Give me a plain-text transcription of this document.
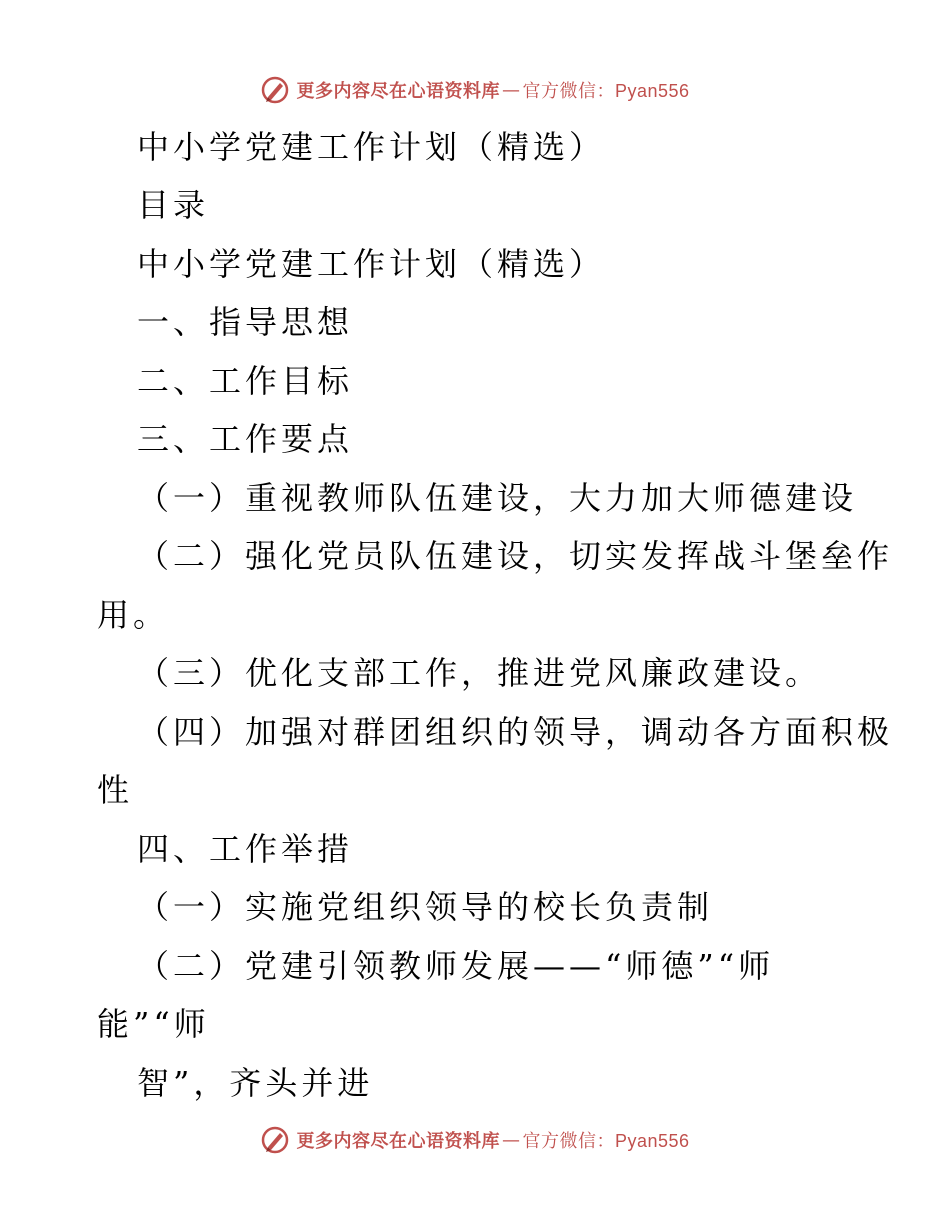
更多内容尽在心语资料库 — 官方微信：Pyan556
中小学党建工作计划（精选）
目录
中小学党建工作计划（精选）
一、指导思想
二、工作目标
三、工作要点
（一）重视教师队伍建设，大力加大师德建设
（二）强化党员队伍建设，切实发挥战斗堡垒作
用。
（三）优化支部工作，推进党风廉政建设。
（四）加强对群团组织的领导，调动各方面积极
性
四、工作举措
（一）实施党组织领导的校长负责制
（二）党建引领教师发展——“师德”“师
能”“师
智”，齐头并进
更多内容尽在心语资料库 — 官方微信：Pyan556
